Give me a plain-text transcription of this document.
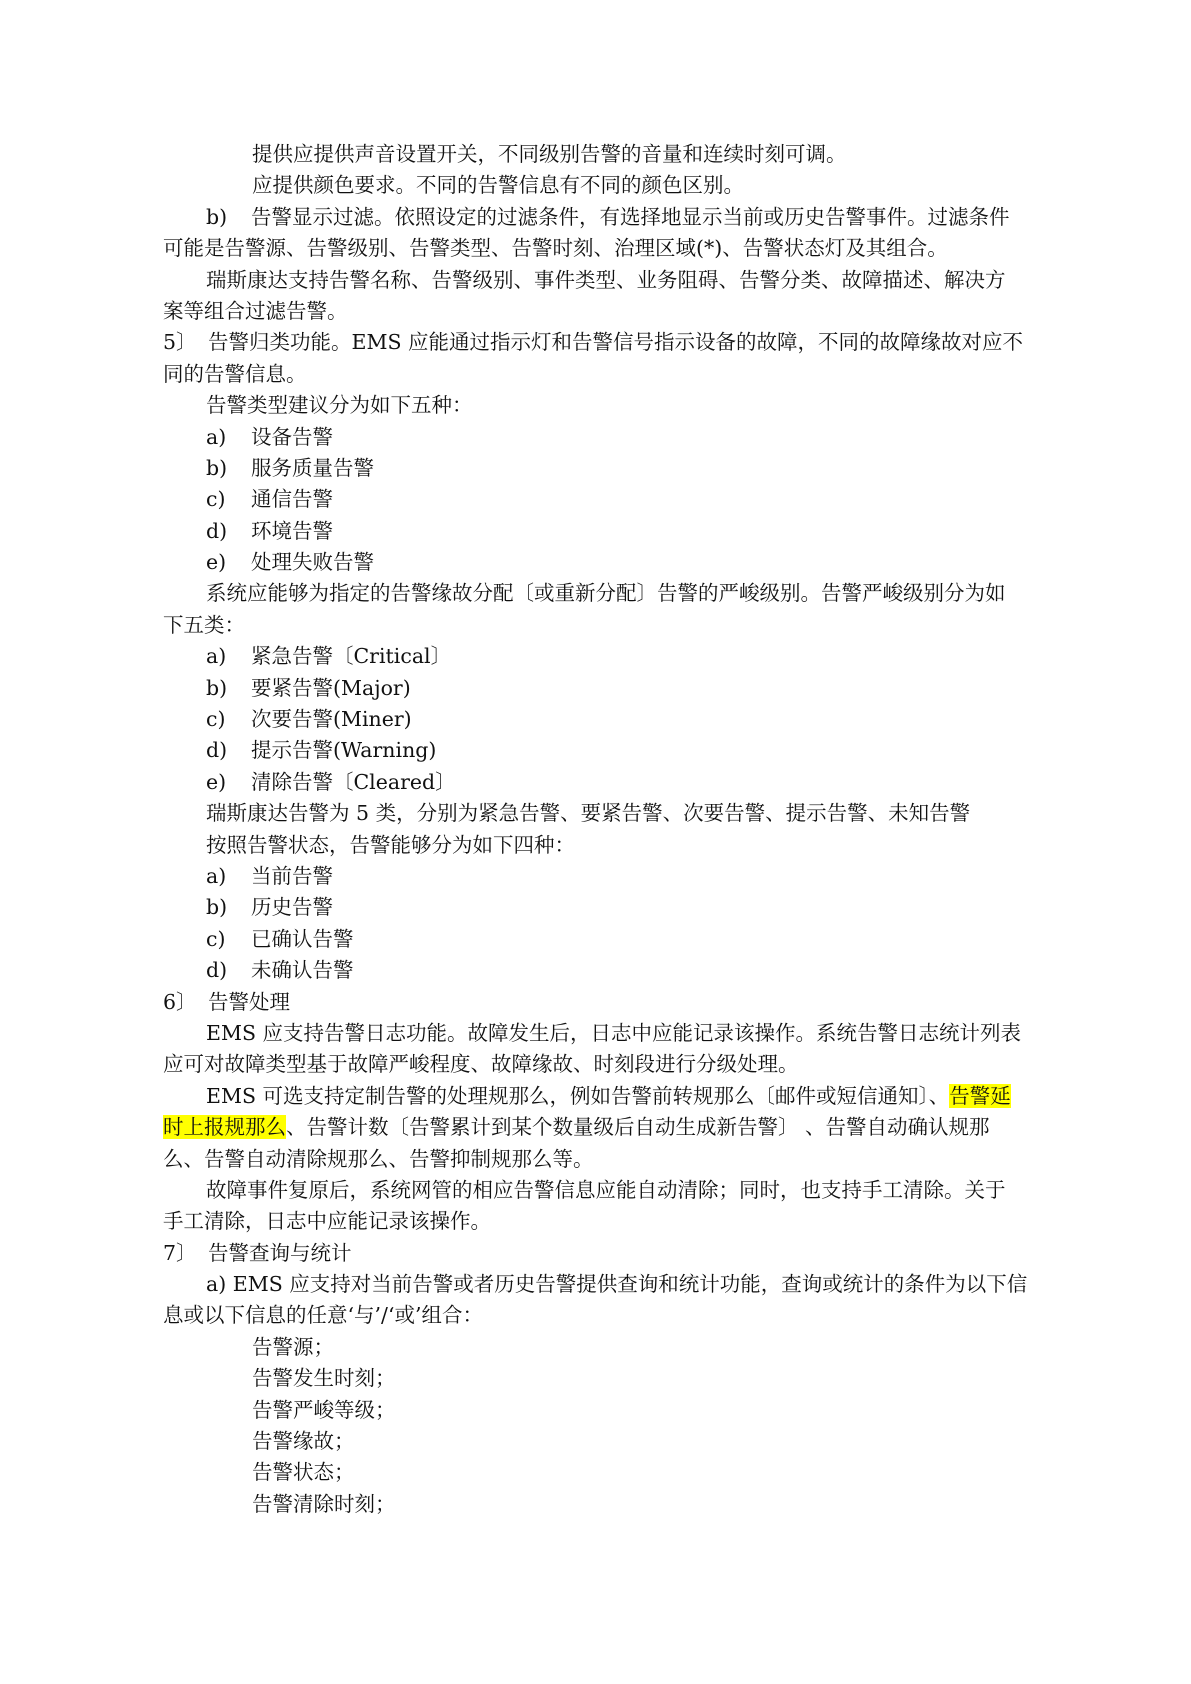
提供应提供声音设置开关，不同级别告警的音量和连续时刻可调。
应提供颜色要求。不同的告警信息有不同的颜色区别。
b) 告警显示过滤。依照设定的过滤条件，有选择地显示当前或历史告警事件。过滤条件
可能是告警源、告警级别、告警类型、告警时刻、治理区域(*)、告警状态灯及其组合。
瑞斯康达支持告警名称、告警级别、事件类型、业务阻碍、告警分类、故障描述、解决方
案等组合过滤告警。
5〕 告警归类功能。EMS 应能通过指示灯和告警信号指示设备的故障，不同的故障缘故对应不
同的告警信息。
告警类型建议分为如下五种：
a) 设备告警
b) 服务质量告警
c) 通信告警
d) 环境告警
e) 处理失败告警
系统应能够为指定的告警缘故分配〔或重新分配〕告警的严峻级别。告警严峻级别分为如
下五类：
a) 紧急告警〔Critical〕
b) 要紧告警(Major)
c) 次要告警(Miner)
d) 提示告警(Warning)
e) 清除告警〔Cleared〕
瑞斯康达告警为 5 类，分别为紧急告警、要紧告警、次要告警、提示告警、未知告警
按照告警状态，告警能够分为如下四种：
a) 当前告警
b) 历史告警
c) 已确认告警
d) 未确认告警
6〕 告警处理
EMS 应支持告警日志功能。故障发生后，日志中应能记录该操作。系统告警日志统计列表
应可对故障类型基于故障严峻程度、故障缘故、时刻段进行分级处理。
EMS 可选支持定制告警的处理规那么，例如告警前转规那么〔邮件或短信通知〕、告警延
时上报规那么、告警计数〔告警累计到某个数量级后自动生成新告警〕 、告警自动确认规那
么、告警自动清除规那么、告警抑制规那么等。
故障事件复原后，系统网管的相应告警信息应能自动清除；同时，也支持手工清除。关于
手工清除，日志中应能记录该操作。
7〕 告警查询与统计
a) EMS 应支持对当前告警或者历史告警提供查询和统计功能，查询或统计的条件为以下信
息或以下信息的任意‘与’/‘或’组合：
告警源；
告警发生时刻；
告警严峻等级；
告警缘故；
告警状态；
告警清除时刻；
